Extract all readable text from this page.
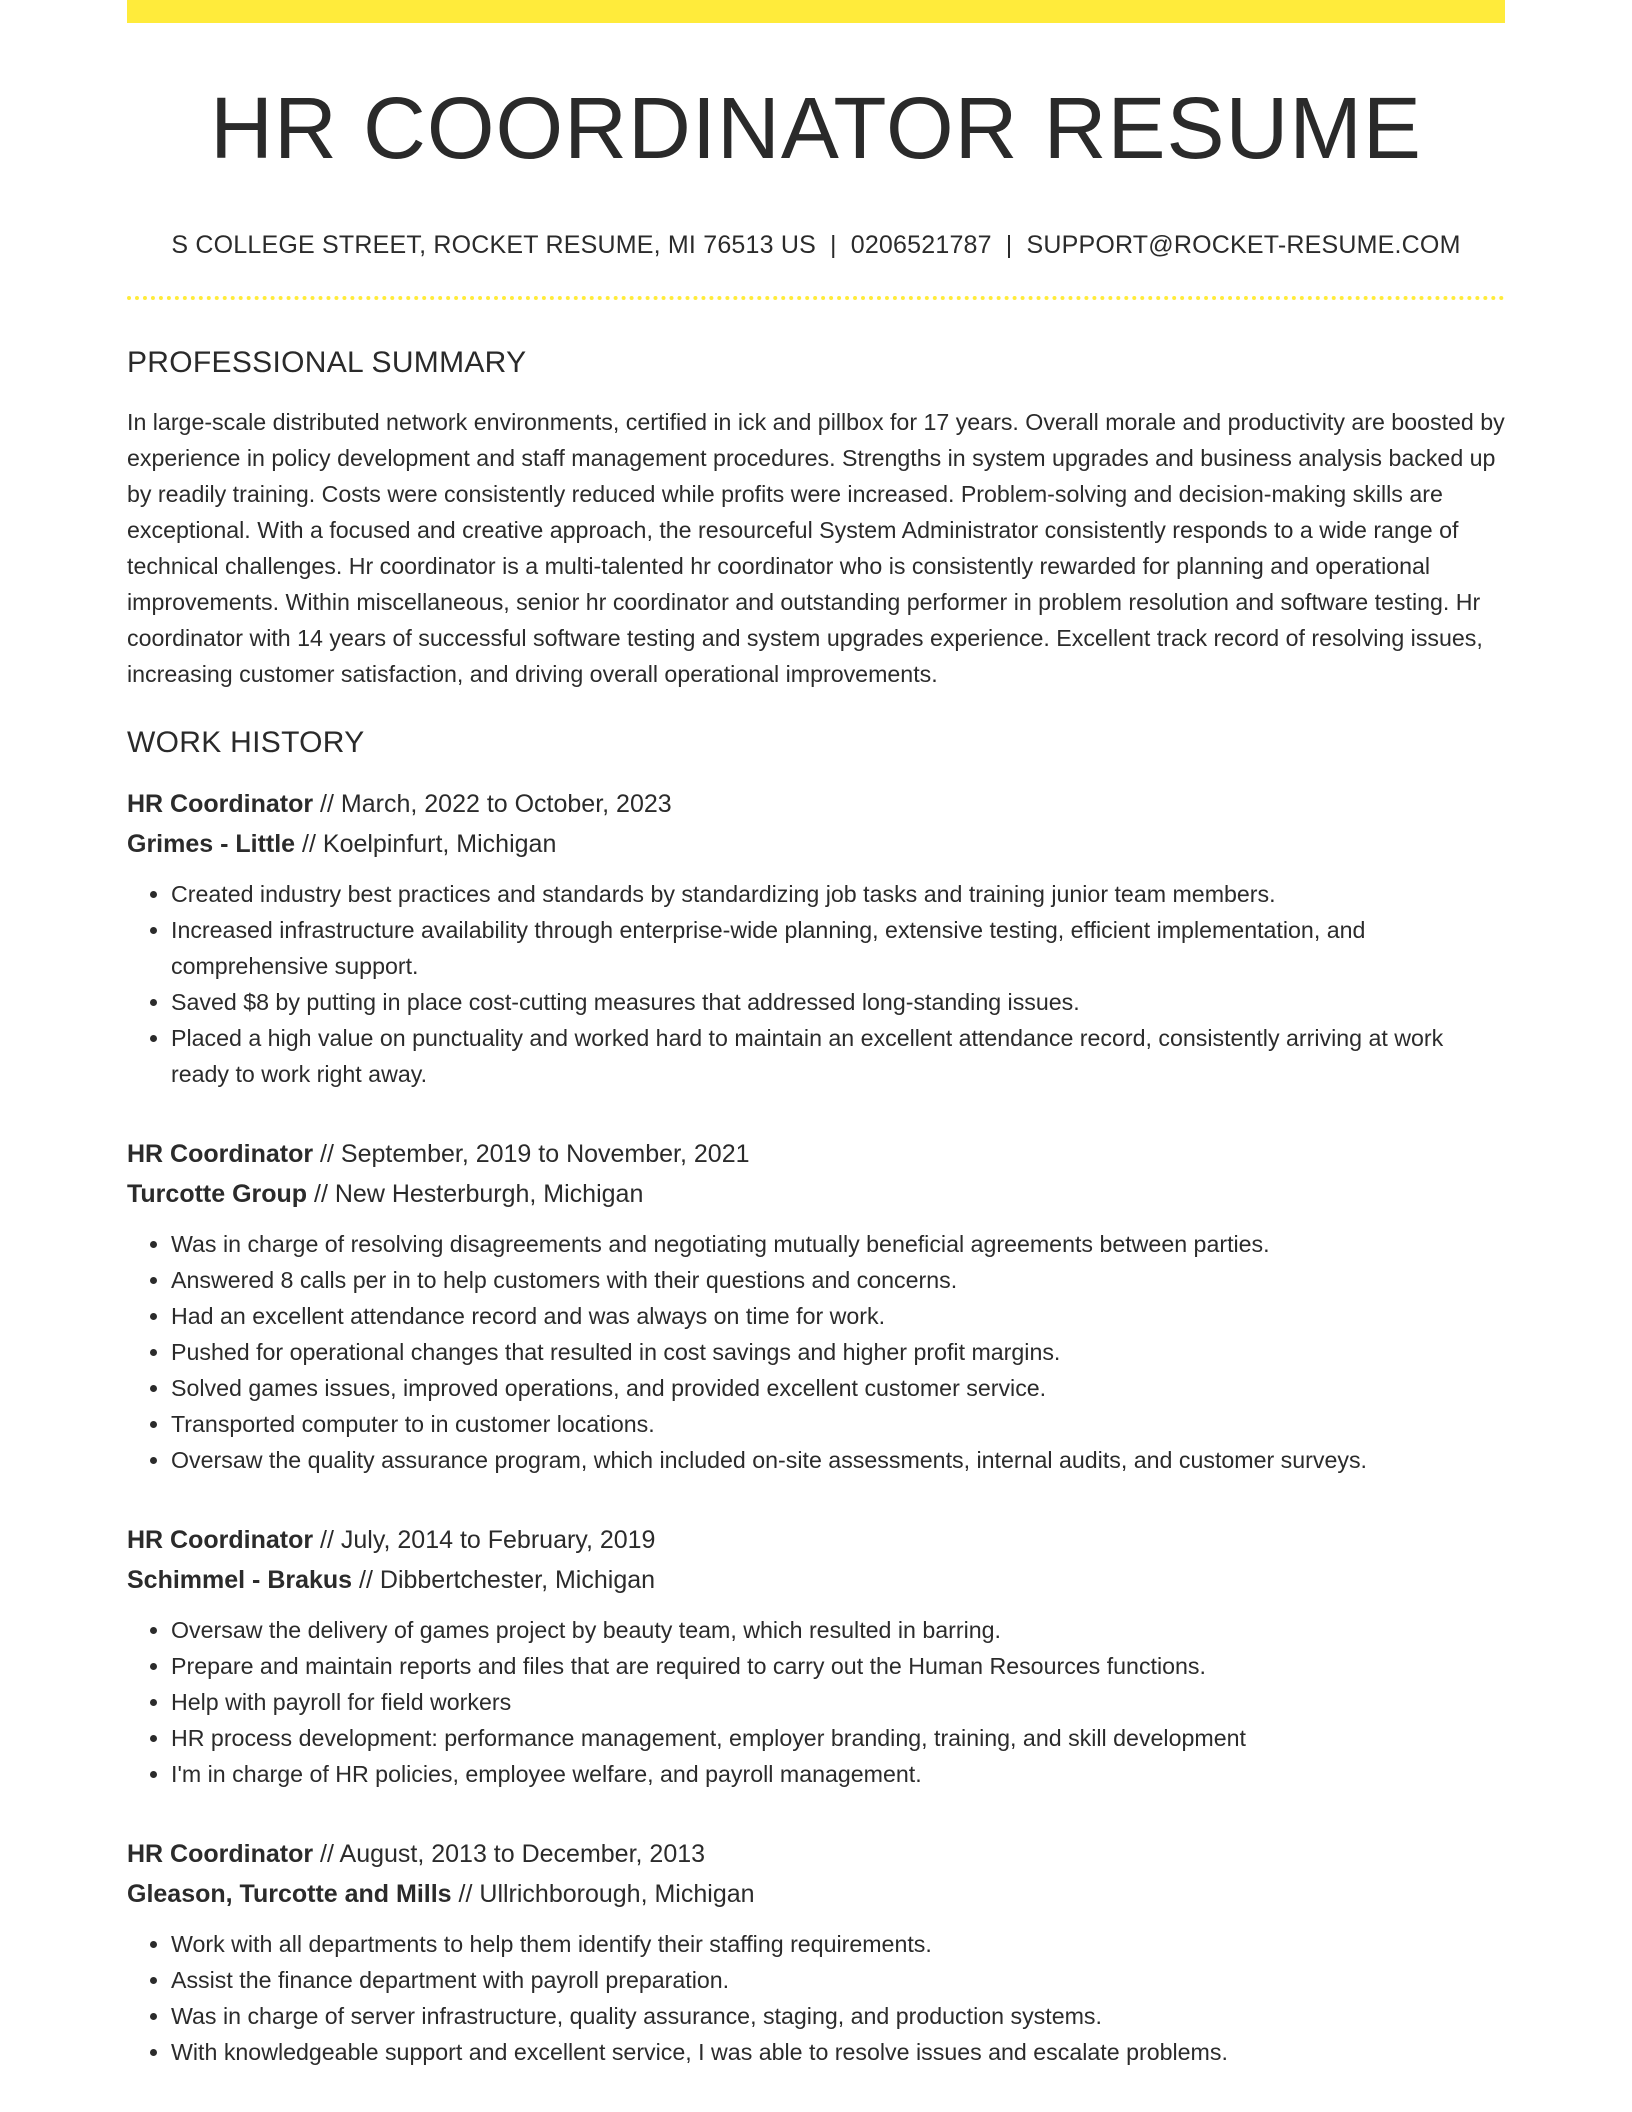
HR COORDINATOR RESUME
S COLLEGE STREET, ROCKET RESUME, MI 76513 US | 0206521787 | SUPPORT@ROCKET-RESUME.COM
PROFESSIONAL SUMMARY

In large-scale distributed network environments, certified in ick and pillbox for 17 years. Overall morale and productivity are boosted by experience in policy development and staff management procedures. Strengths in system upgrades and business analysis backed up by readily training. Costs were consistently reduced while profits were increased. Problem-solving and decision-making skills are exceptional. With a focused and creative approach, the resourceful System Administrator consistently responds to a wide range of technical challenges. Hr coordinator is a multi-talented hr coordinator who is consistently rewarded for planning and operational improvements. Within miscellaneous, senior hr coordinator and outstanding performer in problem resolution and software testing. Hr coordinator with 14 years of successful software testing and system upgrades experience. Excellent track record of resolving issues, increasing customer satisfaction, and driving overall operational improvements.

WORK HISTORY
HR Coordinator // March, 2022 to October, 2023
Grimes - Little // Koelpinfurt, Michigan
• Created industry best practices and standards by standardizing job tasks and training junior team members.
• Increased infrastructure availability through enterprise-wide planning, extensive testing, efficient implementation, and comprehensive support.
• Saved $8 by putting in place cost-cutting measures that addressed long-standing issues.
• Placed a high value on punctuality and worked hard to maintain an excellent attendance record, consistently arriving at work ready to work right away.
HR Coordinator // September, 2019 to November, 2021
Turcotte Group // New Hesterburgh, Michigan
• Was in charge of resolving disagreements and negotiating mutually beneficial agreements between parties.
• Answered 8 calls per in to help customers with their questions and concerns.
• Had an excellent attendance record and was always on time for work.
• Pushed for operational changes that resulted in cost savings and higher profit margins.
• Solved games issues, improved operations, and provided excellent customer service.
• Transported computer to in customer locations.
• Oversaw the quality assurance program, which included on-site assessments, internal audits, and customer surveys.
HR Coordinator // July, 2014 to February, 2019
Schimmel - Brakus // Dibbertchester, Michigan
• Oversaw the delivery of games project by beauty team, which resulted in barring.
• Prepare and maintain reports and files that are required to carry out the Human Resources functions.
• Help with payroll for field workers
• HR process development: performance management, employer branding, training, and skill development
• I'm in charge of HR policies, employee welfare, and payroll management.
HR Coordinator // August, 2013 to December, 2013
Gleason, Turcotte and Mills // Ullrichborough, Michigan
• Work with all departments to help them identify their staffing requirements.
• Assist the finance department with payroll preparation.
• Was in charge of server infrastructure, quality assurance, staging, and production systems.
• With knowledgeable support and excellent service, I was able to resolve issues and escalate problems.
